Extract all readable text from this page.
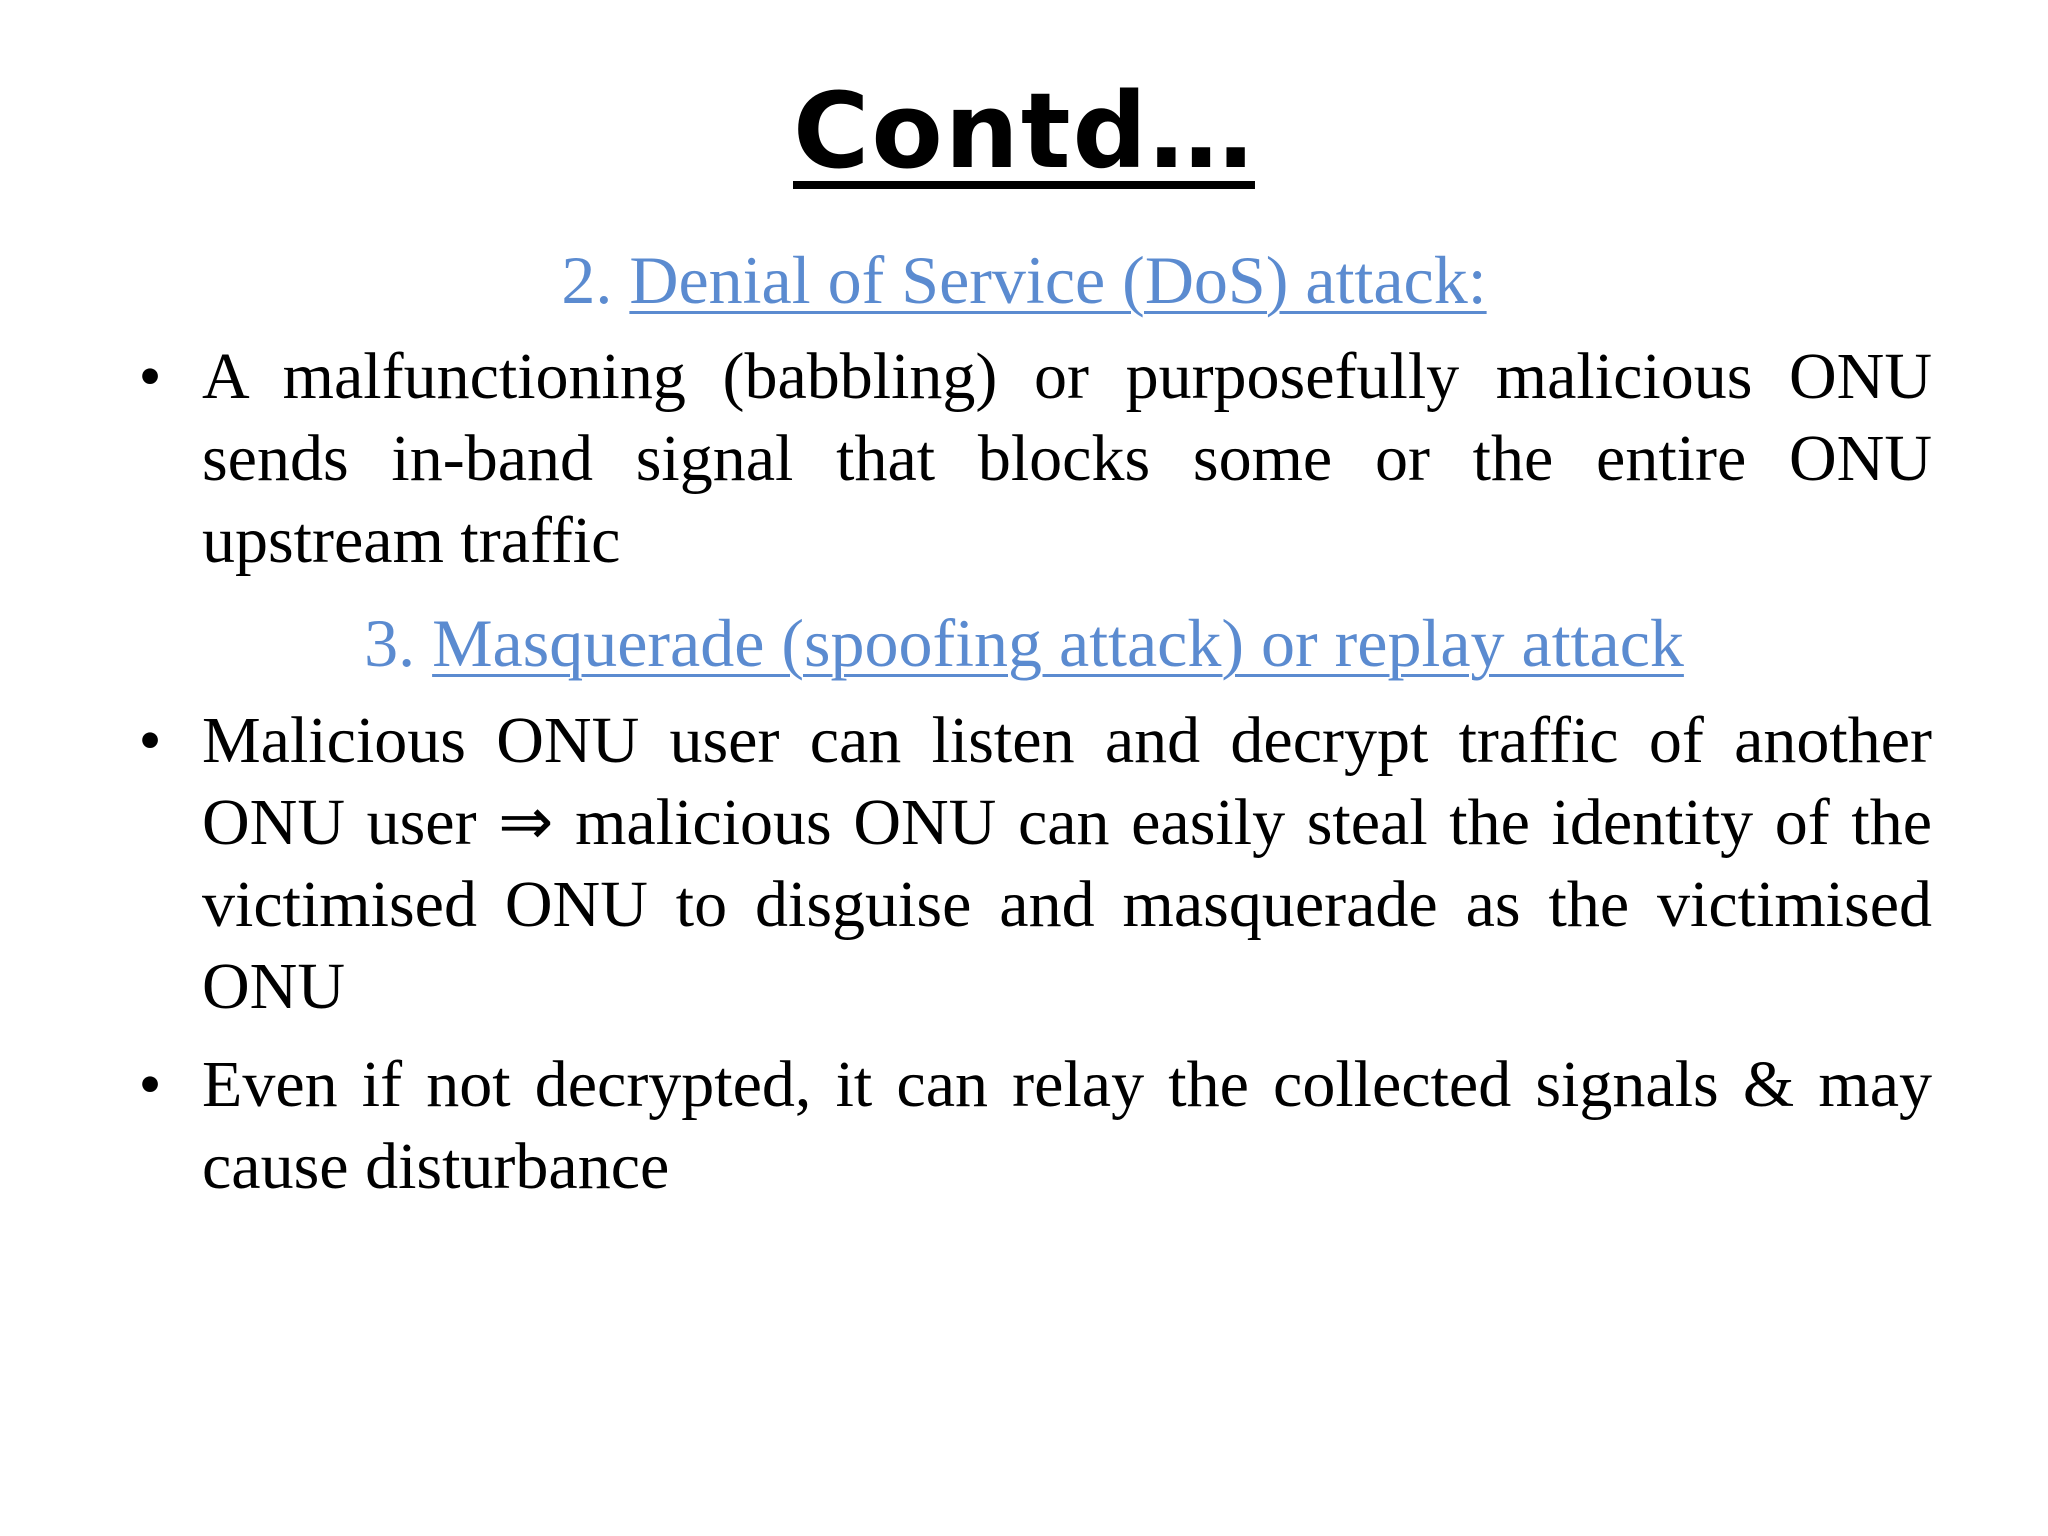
Contd…
2. Denial of Service (DoS) attack:
• A malfunctioning (babbling) or purposefully malicious ONU sends in-band signal that blocks some or the entire ONU upstream traffic
3. Masquerade (spoofing attack) or replay attack
• Malicious ONU user can listen and decrypt traffic of another ONU user ⇒ malicious ONU can easily steal the identity of the victimised ONU to disguise and masquerade as the victimised ONU
• Even if not decrypted, it can relay the collected signals & may cause disturbance
